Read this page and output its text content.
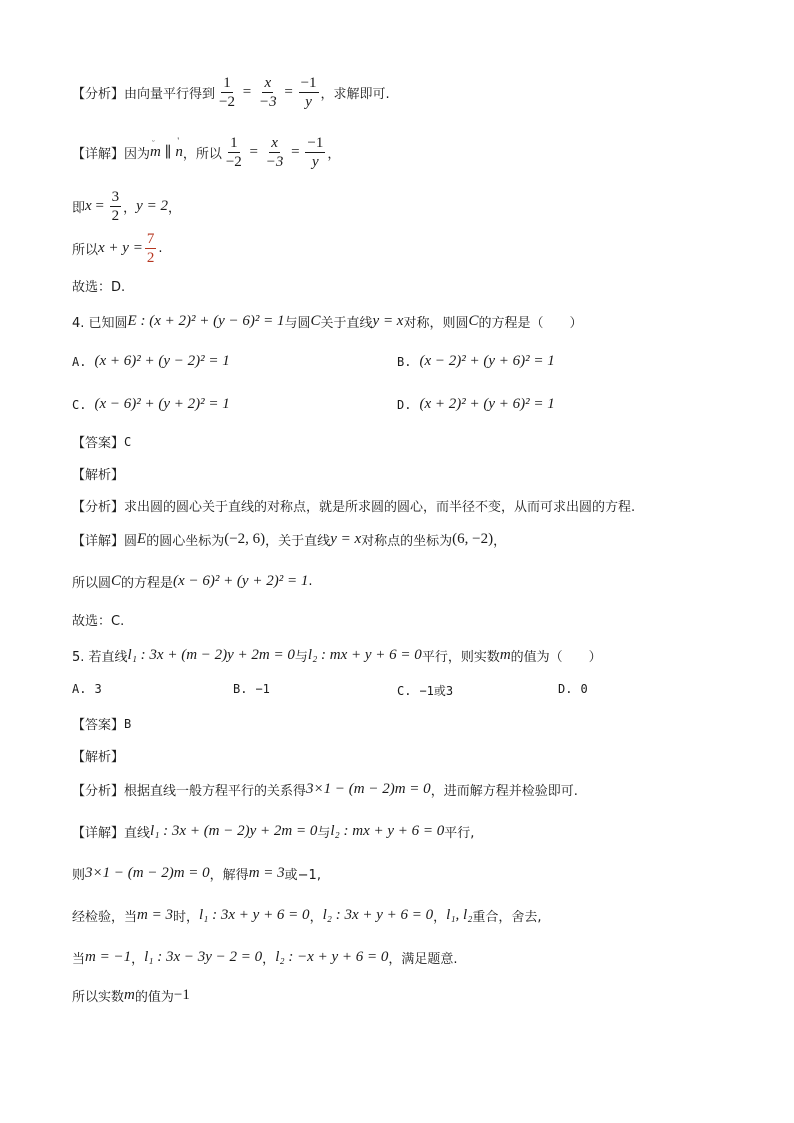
【分析】 由向量平行得到 $\frac{1}{-2} = \frac{x}{-3} = \frac{-1}{y}$ ，求解即可.
【详解】 因为
ᵕ
m ∥
'
n ，所以 $\frac{1}{-2} = \frac{x}{-3} = \frac{-1}{y}$ ，
即 $x = \frac{3}{2}$ ， y = 2 ，
所以 $x + y = \frac{7}{2}$ .
故选：D.
4. 已知圆 E : (x + 2)² + (y − 6)² = 1 与圆 C 关于直线 y = x 对称，则圆 C 的方程是（　　）
A. (x + 6)² + (y − 2)² = 1	B. (x − 2)² + (y + 6)² = 1
C. (x − 6)² + (y + 2)² = 1	D. (x + 2)² + (y + 6)² = 1
【答案】 C
【解析】
【分析】 求出圆的圆心关于直线的对称点，就是所求圆的圆心，而半径不变，从而可求出圆的方程.
【详解】 圆 E 的圆心坐标为 (−2, 6) ，关于直线 y = x 对称点的坐标为 (6, −2) ，
所以圆 C 的方程是 (x − 6)² + (y + 2)² = 1 .
故选：C.
5. 若直线 l₁ : 3x + (m − 2)y + 2m = 0 与 l₂ : mx + y + 6 = 0 平行，则实数 m 的值为（　　）
A. 3	B. −1	C. −1或3	D. 0
【答案】 B
【解析】
【分析】 根据直线一般方程平行的关系得 3×1 − (m − 2)m = 0 ，进而解方程并检验即可.
【详解】 直线 l₁ : 3x + (m − 2)y + 2m = 0 与 l₂ : mx + y + 6 = 0 平行,
则 3×1 − (m − 2)m = 0 ，解得 m = 3 或−1,
经检验，当 m = 3 时， l₁ : 3x + y + 6 = 0 ， l₂ : 3x + y + 6 = 0 ， l₁, l₂ 重合，舍去,
当 m = −1 ， l₁ : 3x − 3y − 2 = 0 ， l₂ : −x + y + 6 = 0 ，满足题意.
所以实数 m 的值为 −1
